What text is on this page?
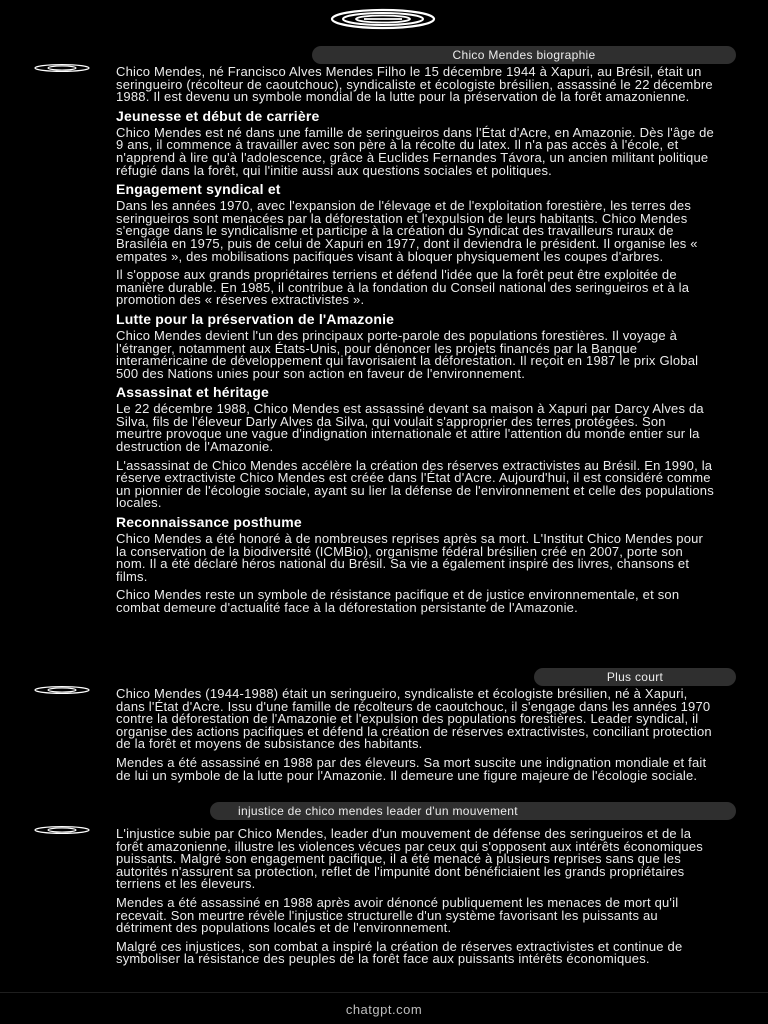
Chico Mendes biographie

Chico Mendes, né Francisco Alves Mendes Filho le 15 décembre 1944 à Xapuri, au Brésil, était un seringueiro (récolteur de caoutchouc), syndicaliste et écologiste brésilien, assassiné le 22 décembre 1988. Il est devenu un symbole mondial de la lutte pour la préservation de la forêt amazonienne.

Jeunesse et début de carrière

Chico Mendes est né dans une famille de seringueiros dans l'État d'Acre, en Amazonie. Dès l'âge de 9 ans, il commence à travailler avec son père à la récolte du latex. Il n'a pas accès à l'école, et n'apprend à lire qu'à l'adolescence, grâce à Euclides Fernandes Távora, un ancien militant politique réfugié dans la forêt, qui l'initie aussi aux questions sociales et politiques.

Engagement syndical et

Dans les années 1970, avec l'expansion de l'élevage et de l'exploitation forestière, les terres des seringueiros sont menacées par la déforestation et l'expulsion de leurs habitants. Chico Mendes s'engage dans le syndicalisme et participe à la création du Syndicat des travailleurs ruraux de Brasiléia en 1975, puis de celui de Xapuri en 1977, dont il deviendra le président. Il organise les « empates », des mobilisations pacifiques visant à bloquer physiquement les coupes d'arbres.

Il s'oppose aux grands propriétaires terriens et défend l'idée que la forêt peut être exploitée de manière durable. En 1985, il contribue à la fondation du Conseil national des seringueiros et à la promotion des « réserves extractivistes ».

Lutte pour la préservation de l'Amazonie

Chico Mendes devient l'un des principaux porte-parole des populations forestières. Il voyage à l'étranger, notamment aux États-Unis, pour dénoncer les projets financés par la Banque interaméricaine de développement qui favorisaient la déforestation. Il reçoit en 1987 le prix Global 500 des Nations unies pour son action en faveur de l'environnement.

Assassinat et héritage

Le 22 décembre 1988, Chico Mendes est assassiné devant sa maison à Xapuri par Darcy Alves da Silva, fils de l'éleveur Darly Alves da Silva, qui voulait s'approprier des terres protégées. Son meurtre provoque une vague d'indignation internationale et attire l'attention du monde entier sur la destruction de l'Amazonie.

L'assassinat de Chico Mendes accélère la création des réserves extractivistes au Brésil. En 1990, la réserve extractiviste Chico Mendes est créée dans l'État d'Acre. Aujourd'hui, il est considéré comme un pionnier de l'écologie sociale, ayant su lier la défense de l'environnement et celle des populations locales.

Reconnaissance posthume

Chico Mendes a été honoré à de nombreuses reprises après sa mort. L'Institut Chico Mendes pour la conservation de la biodiversité (ICMBio), organisme fédéral brésilien créé en 2007, porte son nom. Il a été déclaré héros national du Brésil. Sa vie a également inspiré des livres, chansons et films.

Chico Mendes reste un symbole de résistance pacifique et de justice environnementale, et son combat demeure d'actualité face à la déforestation persistante de l'Amazonie.

Plus court

Chico Mendes (1944-1988) était un seringueiro, syndicaliste et écologiste brésilien, né à Xapuri, dans l'État d'Acre. Issu d'une famille de récolteurs de caoutchouc, il s'engage dans les années 1970 contre la déforestation de l'Amazonie et l'expulsion des populations forestières. Leader syndical, il organise des actions pacifiques et défend la création de réserves extractivistes, conciliant protection de la forêt et moyens de subsistance des habitants.

Mendes a été assassiné en 1988 par des éleveurs. Sa mort suscite une indignation mondiale et fait de lui un symbole de la lutte pour l'Amazonie. Il demeure une figure majeure de l'écologie sociale.

injustice de chico mendes leader d'un mouvement

L'injustice subie par Chico Mendes, leader d'un mouvement de défense des seringueiros et de la forêt amazonienne, illustre les violences vécues par ceux qui s'opposent aux intérêts économiques puissants. Malgré son engagement pacifique, il a été menacé à plusieurs reprises sans que les autorités n'assurent sa protection, reflet de l'impunité dont bénéficiaient les grands propriétaires terriens et les éleveurs.

Mendes a été assassiné en 1988 après avoir dénoncé publiquement les menaces de mort qu'il recevait. Son meurtre révèle l'injustice structurelle d'un système favorisant les puissants au détriment des populations locales et de l'environnement.

Malgré ces injustices, son combat a inspiré la création de réserves extractivistes et continue de symboliser la résistance des peuples de la forêt face aux puissants intérêts économiques.

chatgpt.com
